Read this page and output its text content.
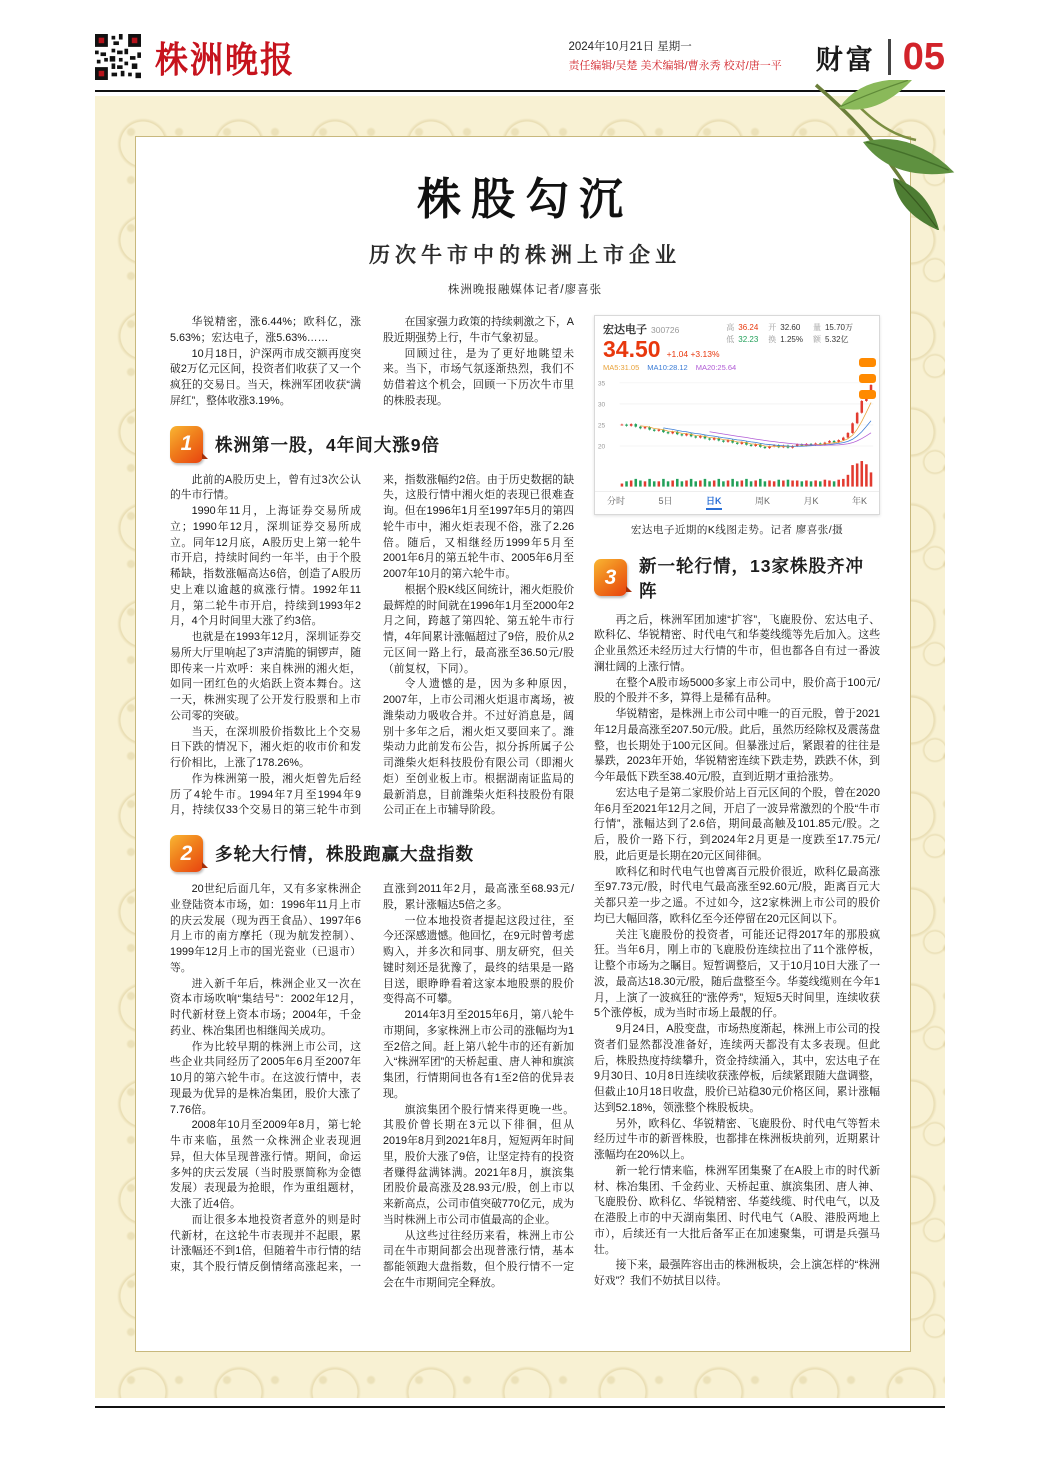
株洲晚报	2024年10月21日 星期一
责任编辑/吴楚 美术编辑/曹永秀 校对/唐一平 财富 05
株股勾沉
历次牛市中的株洲上市企业
株洲晚报融媒体记者/廖喜张

华锐精密，涨6.44%；欧科亿，涨5.63%；宏达电子，涨5.63%……

10月18日，沪深两市成交额再度突破2万亿元区间，投资者们收获了又一个疯狂的交易日。当天，株洲军团收获“满屏红”，整体收涨3.19%。

在国家强力政策的持续刺激之下，A股近期强势上行，牛市气象初显。

回顾过往，是为了更好地眺望未来。当下，市场气氛逐渐热烈，我们不妨借着这个机会，回顾一下历次牛市里的株股表现。

1 株洲第一股，4年间大涨9倍

此前的A股历史上，曾有过3次公认的牛市行情。

1990年11月，上海证券交易所成立；1990年12月，深圳证券交易所成立。同年12月底，A股历史上第一轮牛市开启，持续时间约一年半，由于个股稀缺，指数涨幅高达6倍，创造了A股历史上难以逾越的疯涨行情。1992年11月，第二轮牛市开启，持续到1993年2月，4个月时间里大涨了约3倍。

也就是在1993年12月，深圳证券交易所大厅里响起了3声清脆的铜锣声，随即传来一片欢呼：来自株洲的湘火炬，如同一团红色的火焰跃上资本舞台。这一天，株洲实现了公开发行股票和上市公司零的突破。

当天，在深圳股价指数比上个交易日下跌的情况下，湘火炬的收市价和发行价相比，上涨了178.26%。

作为株洲第一股，湘火炬曾先后经历了4轮牛市。1994年7月至1994年9月，持续仅33个交易日的第三轮牛市到来，指数涨幅约2倍。由于历史数据的缺失，这股行情中湘火炬的表现已很难查询。但在1996年1月至1997年5月的第四轮牛市中，湘火炬表现不俗，涨了2.26倍。随后，又相继经历1999年5月至2001年6月的第五轮牛市、2005年6月至2007年10月的第六轮牛市。

根据个股K线区间统计，湘火炬股价最辉煌的时间就在1996年1月至2000年2月之间，跨越了第四轮、第五轮牛市行情，4年间累计涨幅超过了9倍，股价从2元区间一路上行，最高涨至36.50元/股（前复权，下同）。

令人遗憾的是，因为多种原因，2007年，上市公司湘火炬退市离场，被潍柴动力吸收合并。不过好消息是，阔别十多年之后，湘火炬又要回来了。潍柴动力此前发布公告，拟分拆所属子公司潍柴火炬科技股份有限公司（即湘火炬）至创业板上市。根据湖南证监局的最新消息，目前潍柴火炬科技股份有限公司正在上市辅导阶段。

2 多轮大行情，株股跑赢大盘指数

20世纪后面几年，又有多家株洲企业登陆资本市场，如：1996年11月上市的庆云发展（现为西王食品）、1997年6月上市的南方摩托（现为航发控制）、1999年12月上市的国光瓷业（已退市）等。

进入新千年后，株洲企业又一次在资本市场吹响“集结号”：2002年12月，时代新材登上资本市场；2004年，千金药业、株冶集团也相继闯关成功。

作为比较早期的株洲上市公司，这些企业共同经历了2005年6月至2007年10月的第六轮牛市。在这波行情中，表现最为优异的是株冶集团，股价大涨了7.76倍。

2008年10月至2009年8月，第七轮牛市来临，虽然一众株洲企业表现迥异，但大体呈现普涨行情。期间，命运多舛的庆云发展（当时股票简称为金德发展）表现最为抢眼，作为重组题材，大涨了近4倍。

而让很多本地投资者意外的则是时代新材，在这轮牛市表现并不起眼，累计涨幅还不到1倍，但随着牛市行情的结束，其个股行情反倒情绪高涨起来，一直涨到2011年2月，最高涨至68.93元/股，累计涨幅达5倍之多。

一位本地投资者提起这段过往，至今还深感遗憾。他回忆，在9元时曾考虑购入，并多次和同事、朋友研究，但关键时刻还是犹豫了，最终的结果是一路目送，眼睁睁看着这家本地股票的股价变得高不可攀。

2014年3月至2015年6月，第八轮牛市期间，多家株洲上市公司的涨幅均为1至2倍之间。赶上第八轮牛市的还有新加入“株洲军团”的天桥起重、唐人神和旗滨集团，行情期间也各有1至2倍的优异表现。

旗滨集团个股行情来得更晚一些。其股价曾长期在3元以下徘徊，但从2019年8月到2021年8月，短短两年时间里，股价大涨了9倍，让坚定持有的投资者赚得盆满钵满。2021年8月，旗滨集团股价最高涨及28.93元/股，创上市以来新高点，公司市值突破770亿元，成为当时株洲上市公司市值最高的企业。

从这些过往经历来看，株洲上市公司在牛市期间都会出现普涨行情，基本都能领跑大盘指数，但个股行情不一定会在牛市期间完全释放。

宏达电子 300726
34.50 +1.04 +3.13%
高 36.24 开 32.60 量 15.70万
低 32.23 换 1.25% 额 5.32亿
MA5:31.05 MA10:28.12 MA20:25.64
35
30
25
20
分时	5日	日K	周K	月K	年K
宏达电子近期的K线图走势。记者 廖喜张/摄
3 新一轮行情，13家株股齐冲阵

再之后，株洲军团加速“扩容”，飞鹿股份、宏达电子、欧科亿、华锐精密、时代电气和华菱线缆等先后加入。这些企业虽然还未经历过大行情的牛市，但也都各自有过一番波澜壮阔的上涨行情。

在整个A股市场5000多家上市公司中，股价高于100元/股的个股并不多，算得上是稀有品种。

华锐精密，是株洲上市公司中唯一的百元股，曾于2021年12月最高涨至207.50元/股。此后，虽然历经除权及震荡盘整，也长期处于100元区间。但暴涨过后，紧跟着的往往是暴跌，2023年开始，华锐精密连续下跌走势，跌跌不休，到今年最低下跌至38.40元/股，直到近期才重拾涨势。

宏达电子是第二家股价站上百元区间的个股，曾在2020年6月至2021年12月之间，开启了一波异常激烈的个股“牛市行情”，涨幅达到了2.6倍，期间最高触及101.85元/股。之后，股价一路下行，到2024年2月更是一度跌至17.75元/股，此后更是长期在20元区间徘徊。

欧科亿和时代电气也曾离百元股价很近，欧科亿最高涨至97.73元/股，时代电气最高涨至92.60元/股，距离百元大关都只差一步之遥。不过如今，这2家株洲上市公司的股价均已大幅回落，欧科亿至今还停留在20元区间以下。

关注飞鹿股份的投资者，可能还记得2017年的那股疯狂。当年6月，刚上市的飞鹿股份连续拉出了11个涨停板，让整个市场为之瞩目。短暂调整后，又于10月10日大涨了一波，最高达18.30元/股，随后盘整至今。华菱线缆则在今年1月，上演了一波疯狂的“涨停秀”，短短5天时间里，连续收获5个涨停板，成为当时市场上最靓的仔。

9月24日，A股变盘，市场热度渐起，株洲上市公司的投资者们显然都没准备好，连续两天都没有太多表现。但此后，株股热度持续攀升，资金持续涌入，其中，宏达电子在9月30日、10月8日连续收获涨停板，后续紧跟随大盘调整，但截止10月18日收盘，股价已站稳30元价格区间，累计涨幅达到52.18%，领涨整个株股板块。

另外，欧科亿、华锐精密、飞鹿股份、时代电气等暂未经历过牛市的新晋株股，也都排在株洲板块前列，近期累计涨幅均在20%以上。

新一轮行情来临，株洲军团集聚了在A股上市的时代新材、株冶集团、千金药业、天桥起重、旗滨集团、唐人神、飞鹿股份、欧科亿、华锐精密、华菱线缆、时代电气，以及在港股上市的中天湖南集团、时代电气（A股、港股两地上市），后续还有一大批后备军正在加速聚集，可谓是兵强马壮。

接下来，最强阵容出击的株洲板块，会上演怎样的“株洲好戏”？我们不妨拭目以待。
